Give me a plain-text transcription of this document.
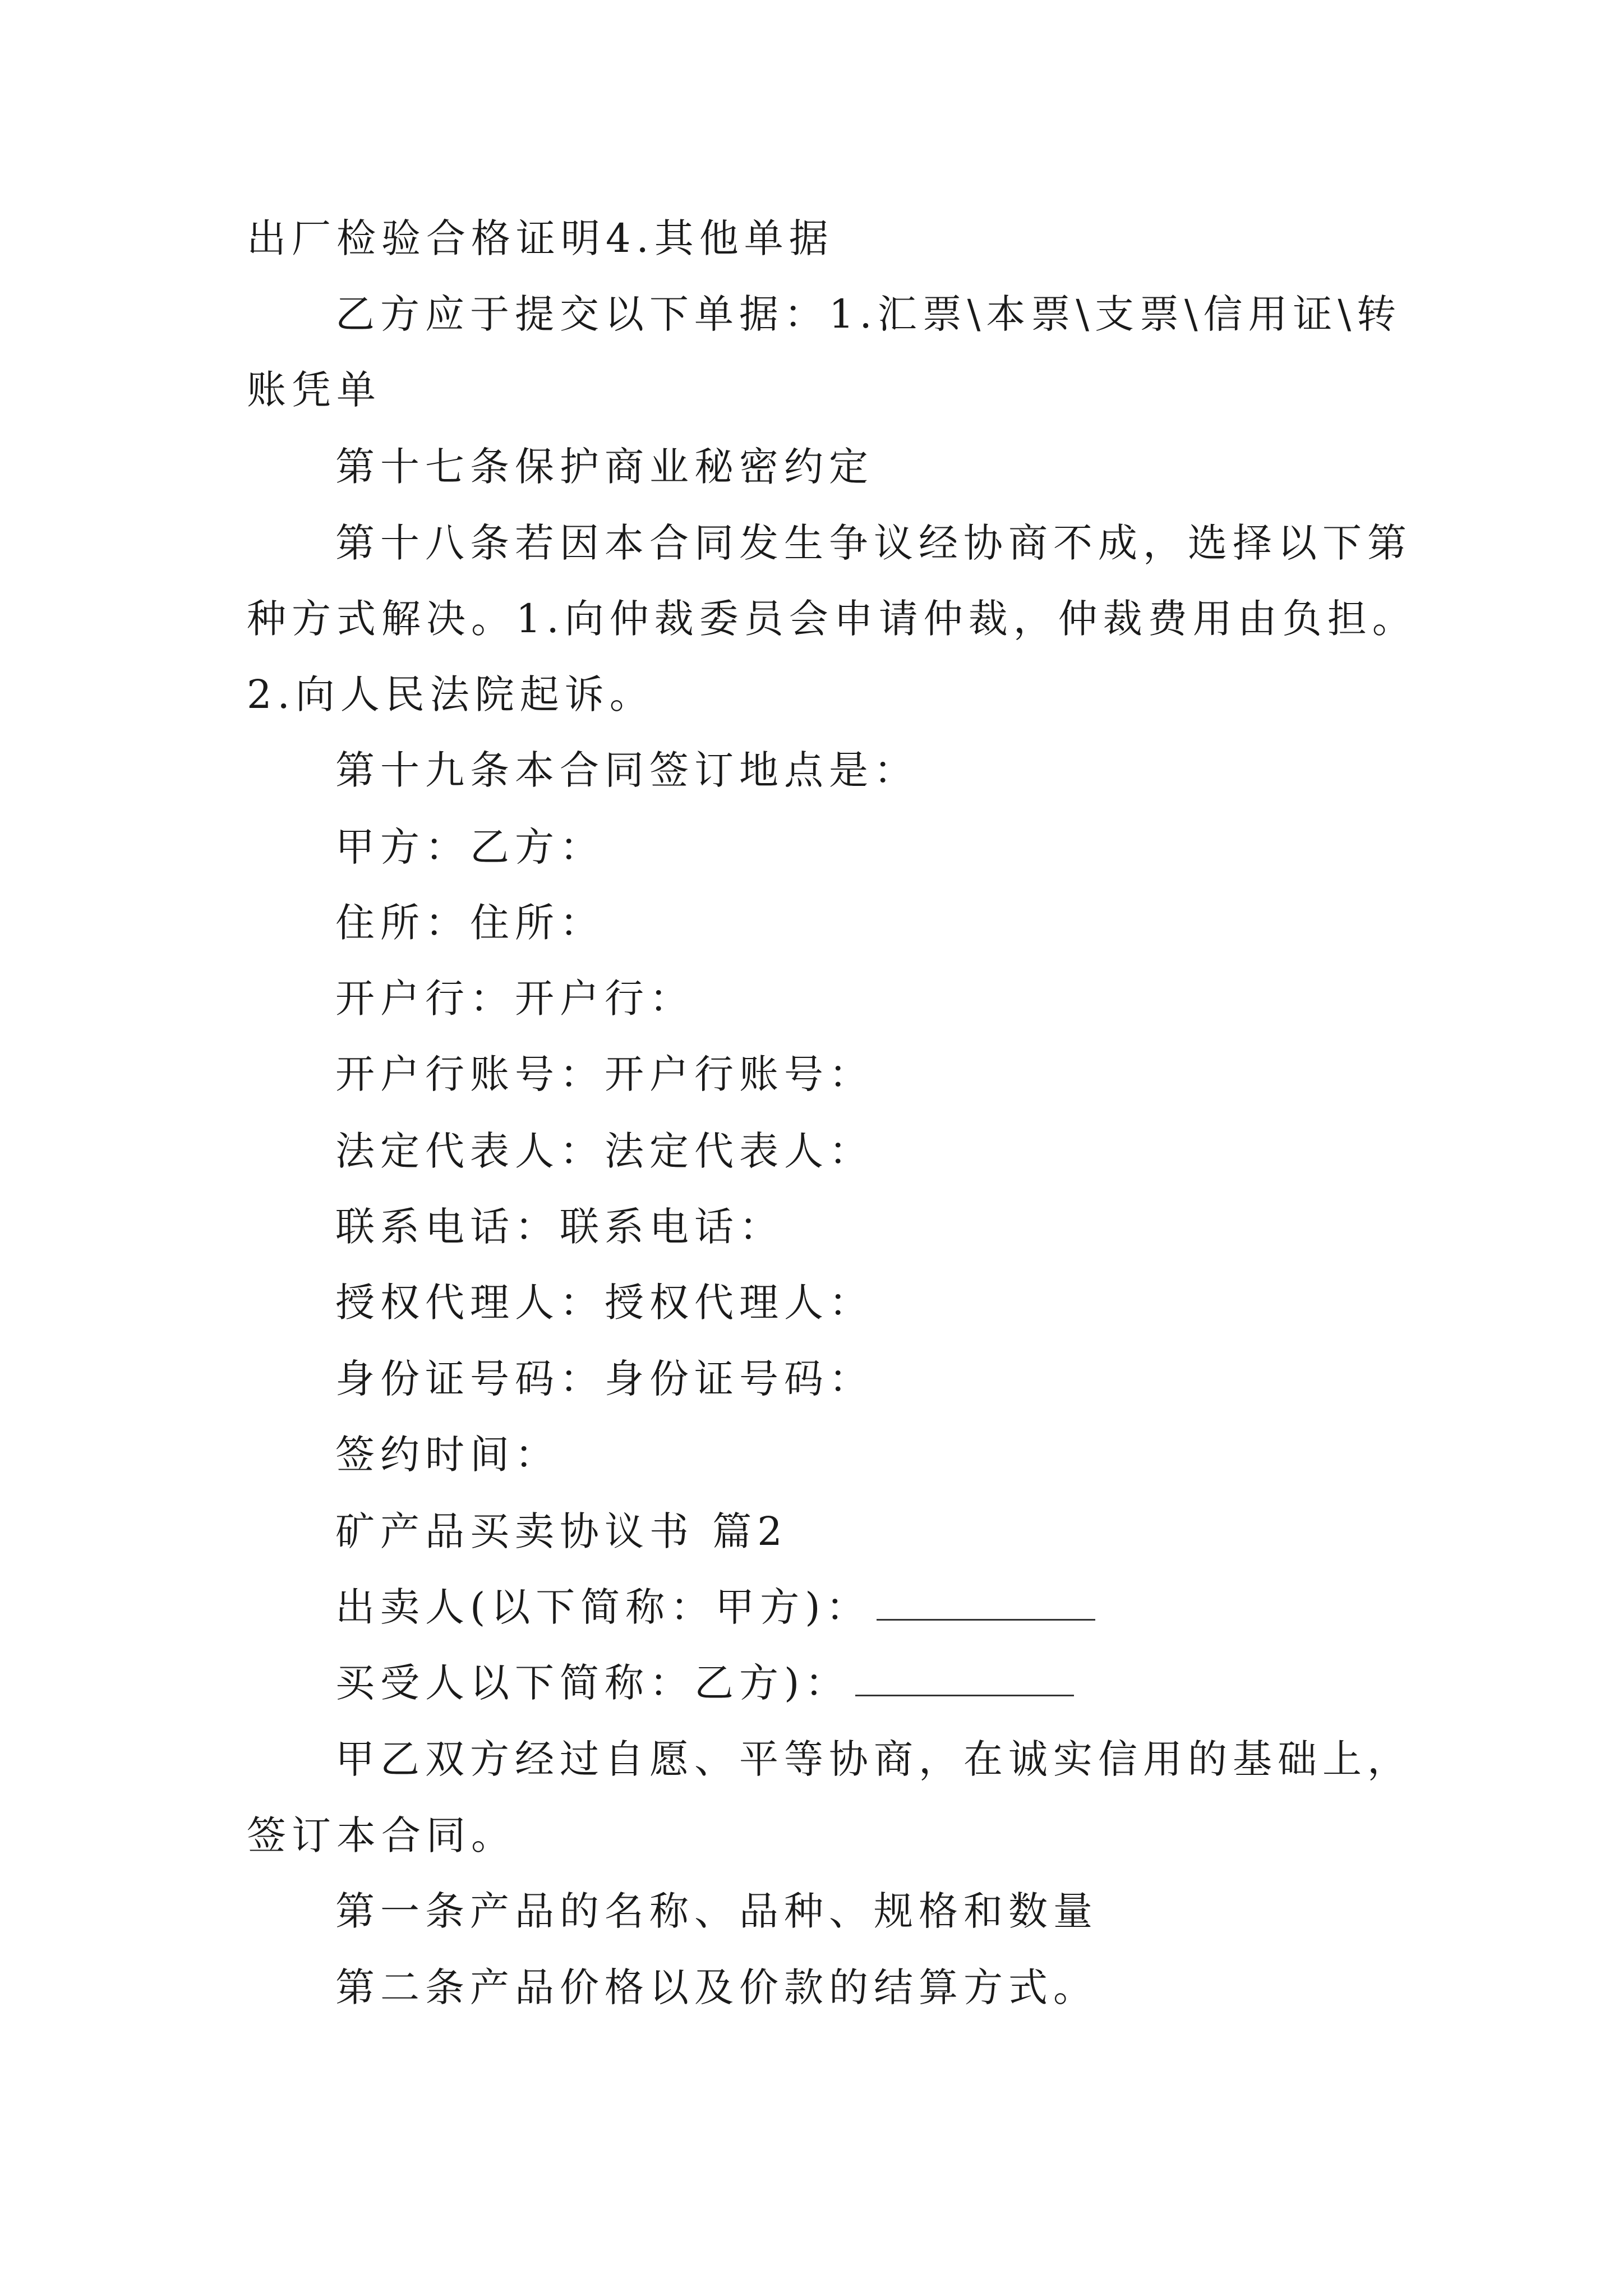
出厂检验合格证明4.其他单据
乙方应于提交以下单据：1.汇票\本票\支票\信用证\转
账凭单
第十七条保护商业秘密约定
第十八条若因本合同发生争议经协商不成，选择以下第
种方式解决。1.向仲裁委员会申请仲裁，仲裁费用由负担。
2.向人民法院起诉。
第十九条本合同签订地点是：
甲方：乙方：
住所：住所：
开户行：开户行：
开户行账号：开户行账号：
法定代表人：法定代表人：
联系电话：联系电话：
授权代理人：授权代理人：
身份证号码：身份证号码：
签约时间：
矿产品买卖协议书 篇2
出卖人(以下简称：甲方)：
买受人以下简称：乙方)：
甲乙双方经过自愿、平等协商，在诚实信用的基础上，
签订本合同。
第一条产品的名称、品种、规格和数量
第二条产品价格以及价款的结算方式。
